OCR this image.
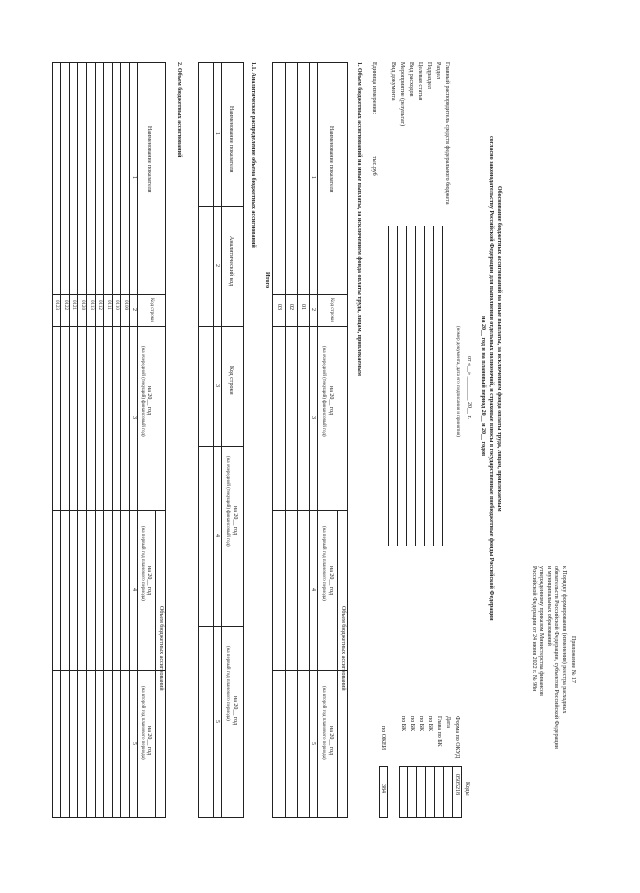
Приложение № 17
к Порядку формирования (изменения) реестра расходных
обязательств Российской Федерации, субъектов Российской Федерации
и муниципальных образований
утвержденному приказом Министерства финансов
Российской Федерации от 24 июня 2022 г. № 98н
Обоснование бюджетных ассигнований на иные выплаты, за исключением фонда оплаты труда, лицам, привлекаемым
согласно законодательству Российской Федерации для выполнения отдельных полномочий, и страховые взносы в государственные внебюджетные фонды Российской Федерации
на 20__ год и на плановый период 20__ и 20__ годов
от «__» ________ 20__ г.
(номер документа, дата его подписания и принятия)
Коды
Форма по ОКУД
0505218
Дата
Глава по БК
по БК
по БК
по БК
по БК
по ОКЕИ
384
Главный распорядитель средств федерального бюджета
Раздел
Подраздел
Целевая статья
Вид расходов
Мероприятие (результат)
Вид документа
Единица измерения:
тыс.руб
1. Объем бюджетных ассигнований на иные выплаты, за исключением фонда оплаты труда, лицам, привлекаемым
Наименование показателя
Код строки
Объем бюджетных ассигнований
на 20__ год
(на очередной (текущий) финансовый год)
на 20__ год
(на первый год планового периода)
на 20__ год
(на второй год планового периода)
1
2
3
4
5
01
02
03
Итого
1.1. Аналитическое распределение объема бюджетных ассигнований
Наименование показателя
Аналитический код
Код строки
на 20__ год
(на очередной (текущий) финансовый год)
на 20__ год
(на первый год планового периода)
1
2
3
4
5
2. Объем бюджетных ассигнований
Наименование показателя
Код строки
Объем бюджетных ассигнований
на 20__ год
(на очередной (текущий) финансовый год)
на 20__ год
(на первый год планового периода)
на 20__ год
(на второй год планового периода)
1
2
3
4
5
0100
0110
0111
0112
0113
0120
0121
0122
0123
